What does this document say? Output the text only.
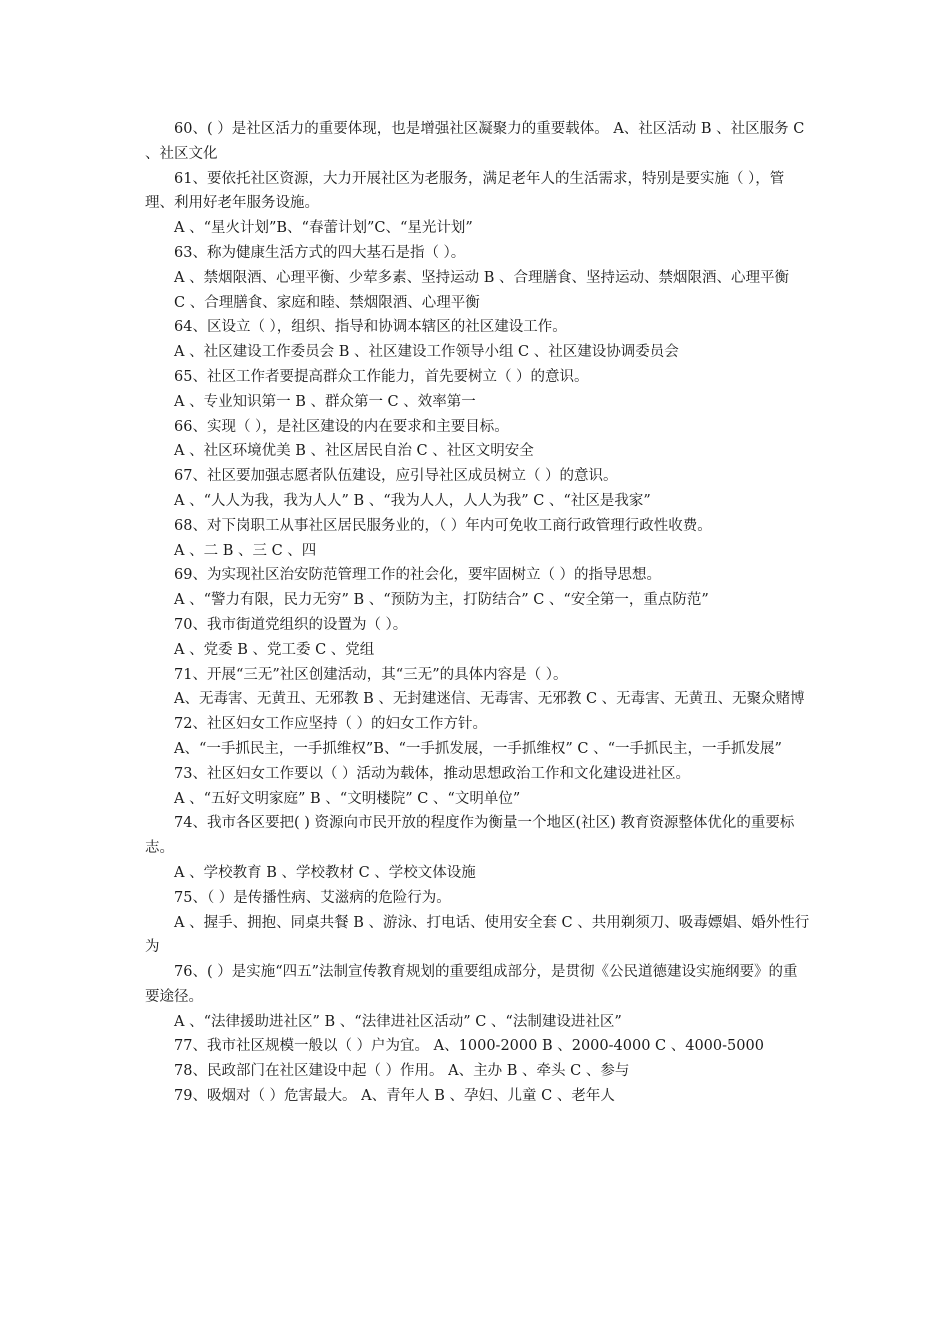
60、( ）是社区活力的重要体现，也是增强社区凝聚力的重要载体。 A、社区活动 B 、社区服务 C 、社区文化

61、要依托社区资源，大力开展社区为老服务，满足老年人的生活需求，特别是要实施（ ），管理、利用好老年服务设施。

A 、“星火计划”B、“春蕾计划”C、“星光计划”

63、称为健康生活方式的四大基石是指（ ）。

A 、禁烟限酒、心理平衡、少荤多素、坚持运动 B 、合理膳食、坚持运动、禁烟限酒、心理平衡

C 、合理膳食、家庭和睦、禁烟限酒、心理平衡

64、区设立（ ），组织、指导和协调本辖区的社区建设工作。

A 、社区建设工作委员会 B 、社区建设工作领导小组 C 、社区建设协调委员会

65、社区工作者要提高群众工作能力，首先要树立（ ）的意识。

A 、专业知识第一 B 、群众第一 C 、效率第一

66、实现（ ），是社区建设的内在要求和主要目标。

A 、社区环境优美 B 、社区居民自治 C 、社区文明安全

67、社区要加强志愿者队伍建设，应引导社区成员树立（ ）的意识。

A 、“人人为我，我为人人” B 、“我为人人，人人为我” C 、“社区是我家”

68、对下岗职工从事社区居民服务业的，（ ）年内可免收工商行政管理行政性收费。

A 、二 B 、三 C 、四

69、为实现社区治安防范管理工作的社会化，要牢固树立（ ）的指导思想。

A 、“警力有限，民力无穷” B 、“预防为主，打防结合” C 、“安全第一，重点防范”

70、我市街道党组织的设置为（ ）。

A 、党委 B 、党工委 C 、党组

71、开展“三无”社区创建活动，其“三无”的具体内容是（ ）。

A、无毒害、无黄丑、无邪教 B 、无封建迷信、无毒害、无邪教 C 、无毒害、无黄丑、无聚众赌博

72、社区妇女工作应坚持（ ）的妇女工作方针。

A、“一手抓民主，一手抓维权”B、“一手抓发展，一手抓维权” C 、“一手抓民主，一手抓发展”

73、社区妇女工作要以（ ）活动为载体，推动思想政治工作和文化建设进社区。

A 、“五好文明家庭” B 、“文明楼院” C 、“文明单位”

74、我市各区要把( ) 资源向市民开放的程度作为衡量一个地区(社区) 教育资源整体优化的重要标志。

A 、学校教育 B 、学校教材 C 、学校文体设施

75、（ ）是传播性病、艾滋病的危险行为。

A 、握手、拥抱、同桌共餐 B 、游泳、打电话、使用安全套 C 、共用剃须刀、吸毒嫖娼、婚外性行为

76、( ）是实施“四五”法制宣传教育规划的重要组成部分，是贯彻《公民道德建设实施纲要》的重要途径。

A 、“法律援助进社区” B 、“法律进社区活动” C 、“法制建设进社区”

77、我市社区规模一般以（ ）户为宜。 A、1000-2000 B 、2000-4000 C 、4000-5000

78、民政部门在社区建设中起（ ）作用。 A、主办 B 、牵头 C 、参与

79、吸烟对（ ）危害最大。 A、青年人 B 、孕妇、儿童 C 、老年人
